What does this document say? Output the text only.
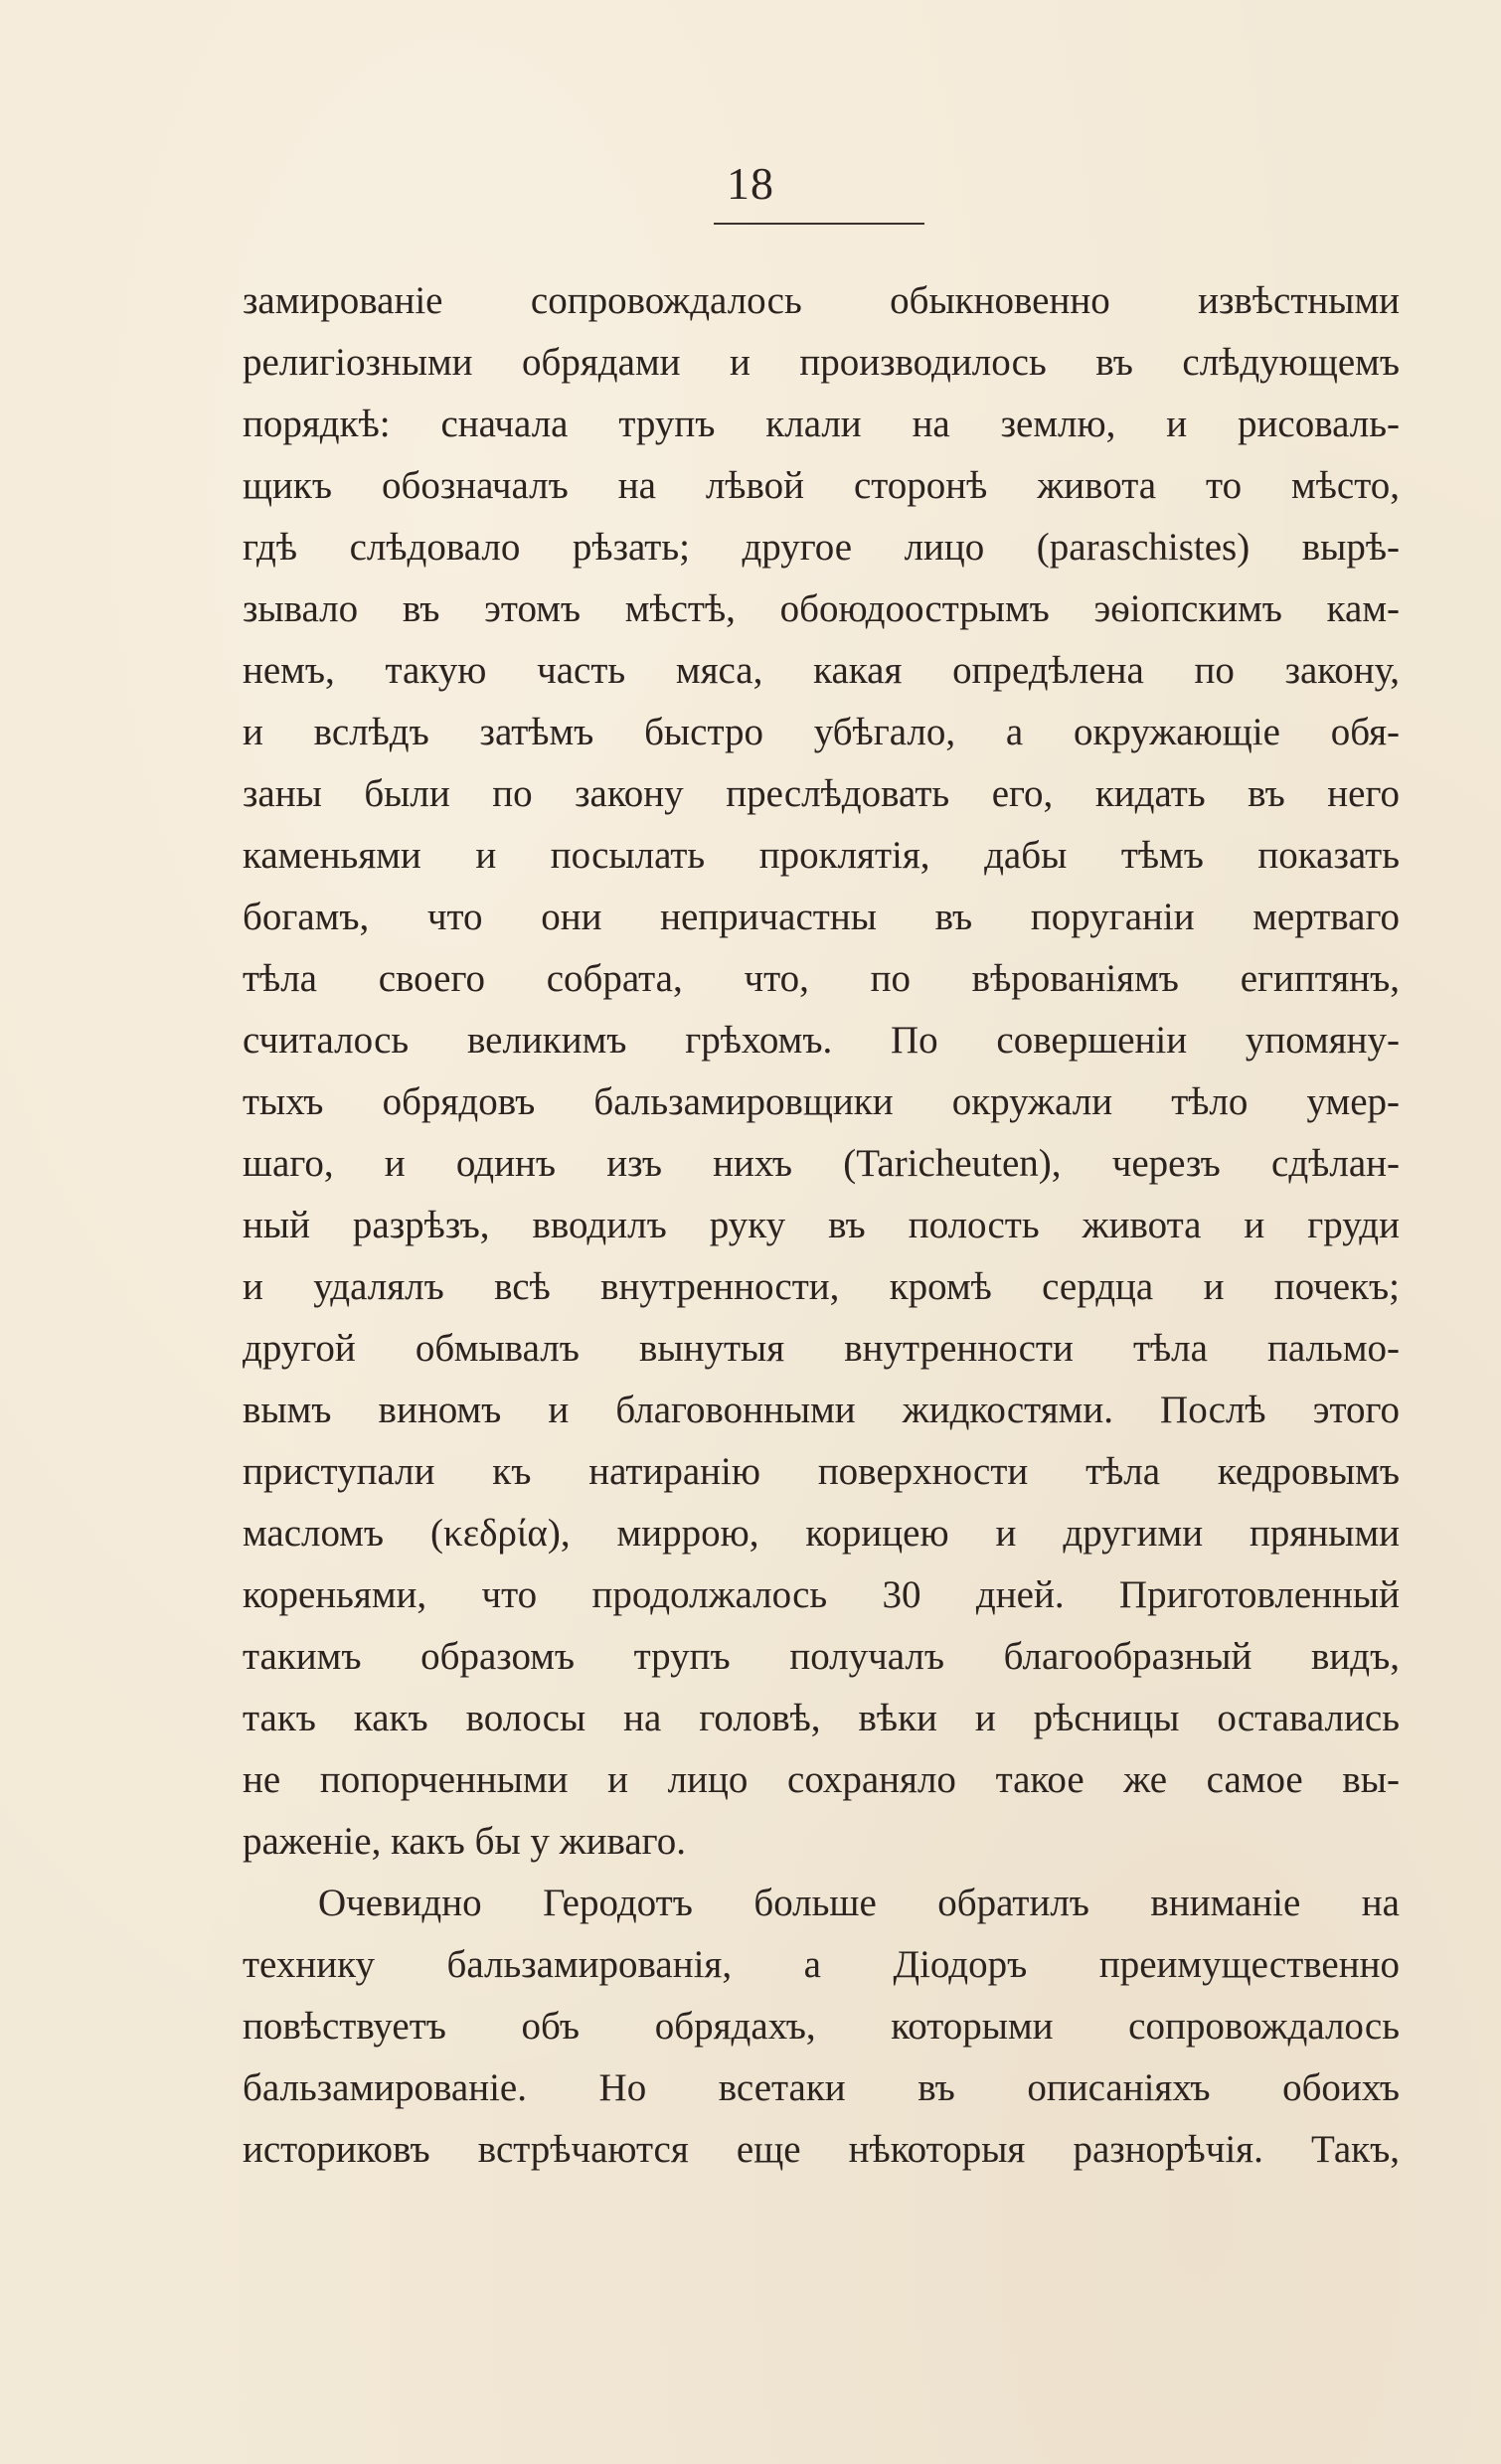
18
замированіе сопровождалось обыкновенно извѣстными
религіозными обрядами и производилось въ слѣдующемъ
порядкѣ: сначала трупъ клали на землю, и рисоваль-
щикъ обозначалъ на лѣвой сторонѣ живота то мѣсто,
гдѣ слѣдовало рѣзать; другое лицо (paraschistes) вырѣ-
зывало въ этомъ мѣстѣ, обоюдоострымъ эѳіопскимъ кам-
немъ, такую часть мяса, какая опредѣлена по закону,
и вслѣдъ затѣмъ быстро убѣгало, а окружающіе обя-
заны были по закону преслѣдовать его, кидать въ него
каменьями и посылать проклятія, дабы тѣмъ показать
богамъ, что они непричастны въ поруганіи мертваго
тѣла своего собрата, что, по вѣрованіямъ египтянъ,
считалось великимъ грѣхомъ. По совершеніи упомяну-
тыхъ обрядовъ бальзамировщики окружали тѣло умер-
шаго, и одинъ изъ нихъ (Taricheuten), черезъ сдѣлан-
ный разрѣзъ, вводилъ руку въ полость живота и груди
и удалялъ всѣ внутренности, кромѣ сердца и почекъ;
другой обмывалъ вынутыя внутренности тѣла пальмо-
вымъ виномъ и благовонными жидкостями. Послѣ этого
приступали къ натиранію поверхности тѣла кедровымъ
масломъ (κεδρία), миррою, корицею и другими пряными
кореньями, что продолжалось 30 дней. Приготовленный
такимъ образомъ трупъ получалъ благообразный видъ,
такъ какъ волосы на головѣ, вѣки и рѣсницы оставались
не попорченными и лицо сохраняло такое же самое вы-
раженіе, какъ бы у живаго.
Очевидно Геродотъ больше обратилъ вниманіе на
технику бальзамированія, а Діодоръ преимущественно
повѣствуетъ объ обрядахъ, которыми сопровождалось
бальзамированіе. Но всетаки въ описаніяхъ обоихъ
историковъ встрѣчаются еще нѣкоторыя разнорѣчія. Такъ,
